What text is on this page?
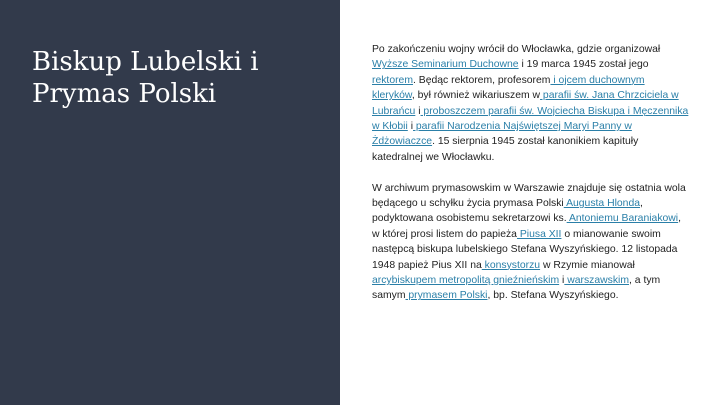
Biskup Lubelski i
Prymas Polski

Po zakończeniu wojny wrócił do Włocławka, gdzie organizował Wyższe Seminarium Duchowne i 19 marca 1945 został jego rektorem. Będąc rektorem, profesorem i ojcem duchownym kleryków, był również wikariuszem w parafii św. Jana Chrzciciela w Lubrańcu i proboszczem parafii św. Wojciecha Biskupa i Męczennika w Kłobii i parafii Narodzenia Najświętszej Maryi Panny w Żdżowiaczce. 15 sierpnia 1945 został kanonikiem kapituły katedralnej we Włocławku.

W archiwum prymasowskim w Warszawie znajduje się ostatnia wola będącego u schyłku życia prymasa Polski Augusta Hlonda, podyktowana osobistemu sekretarzowi ks. Antoniemu Baraniakowi, w której prosi listem do papieża Piusa XII o mianowanie swoim następcą biskupa lubelskiego Stefana Wyszyńskiego. 12 listopada 1948 papież Pius XII na konsystorzu w Rzymie mianował arcybiskupem metropolitą gnieźnieńskim i warszawskim, a tym samym prymasem Polski, bp. Stefana Wyszyńskiego.
